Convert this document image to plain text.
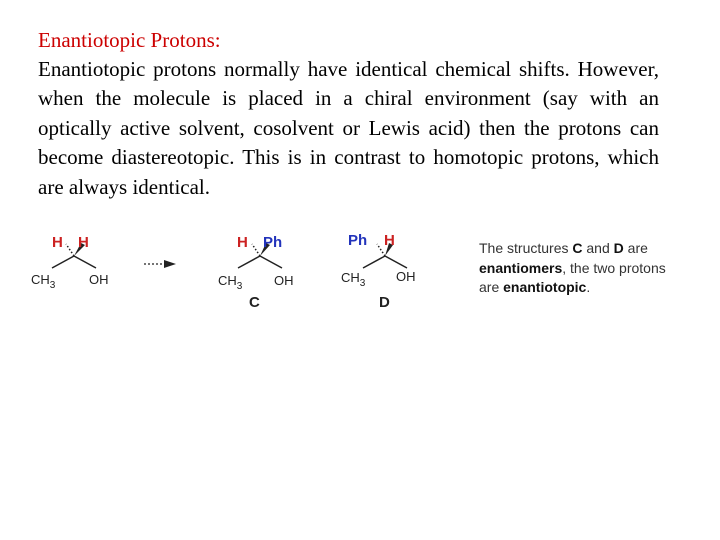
Enantiotopic Protons:
Enantiotopic protons normally have identical chemical shifts. However, when the molecule is placed in a chiral environment (say with an optically active solvent, cosolvent or Lewis acid) then the protons can become diastereotopic. This is in contrast to homotopic protons, which are always identical.
H H
$CH_3$	OH
H Ph
$CH_3$ OH
C
Ph H
$CH_3$ OH
D
The structures C and D are enantiomers, the two protons are enantiotopic.
